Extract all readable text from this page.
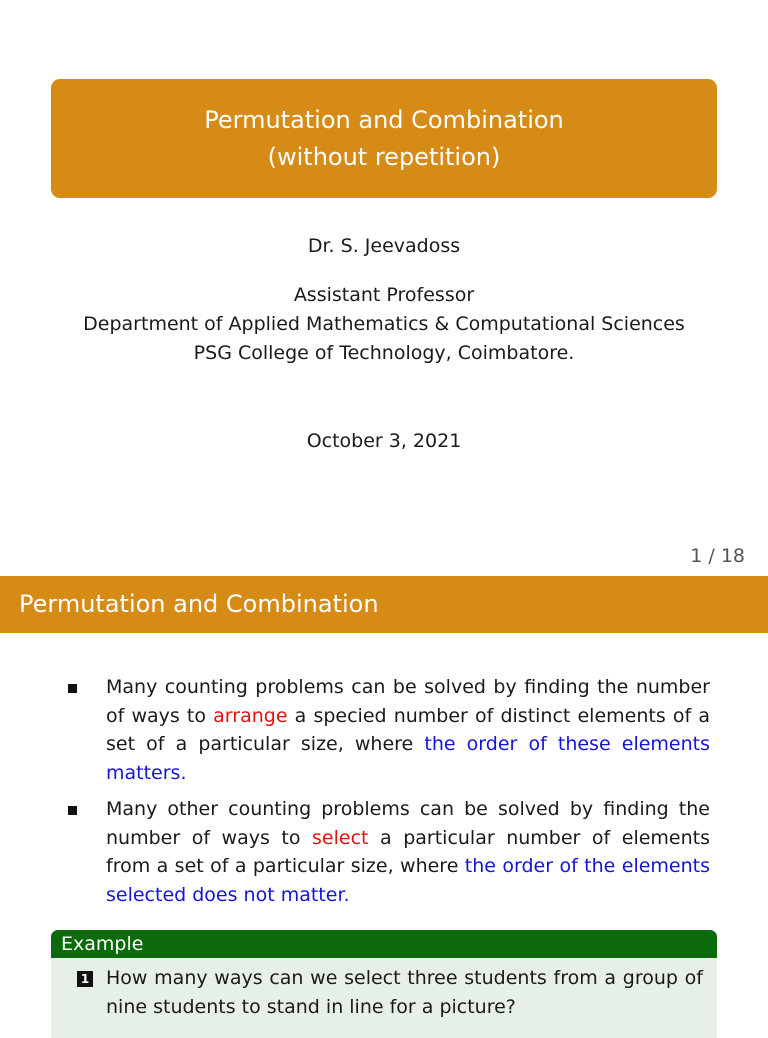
Permutation and Combination
(without repetition)
Dr. S. Jeevadoss
Assistant Professor
Department of Applied Mathematics & Computational Sciences
PSG College of Technology, Coimbatore.
October 3, 2021
1 / 18
Permutation and Combination
Many counting problems can be solved by finding the number of ways to arrange a specied number of distinct elements of a set of a particular size, where the order of these elements matters.
Many other counting problems can be solved by finding the number of ways to select a particular number of elements from a set of a particular size, where the order of the elements selected does not matter.
Example
1 How many ways can we select three students from a group of nine students to stand in line for a picture?
